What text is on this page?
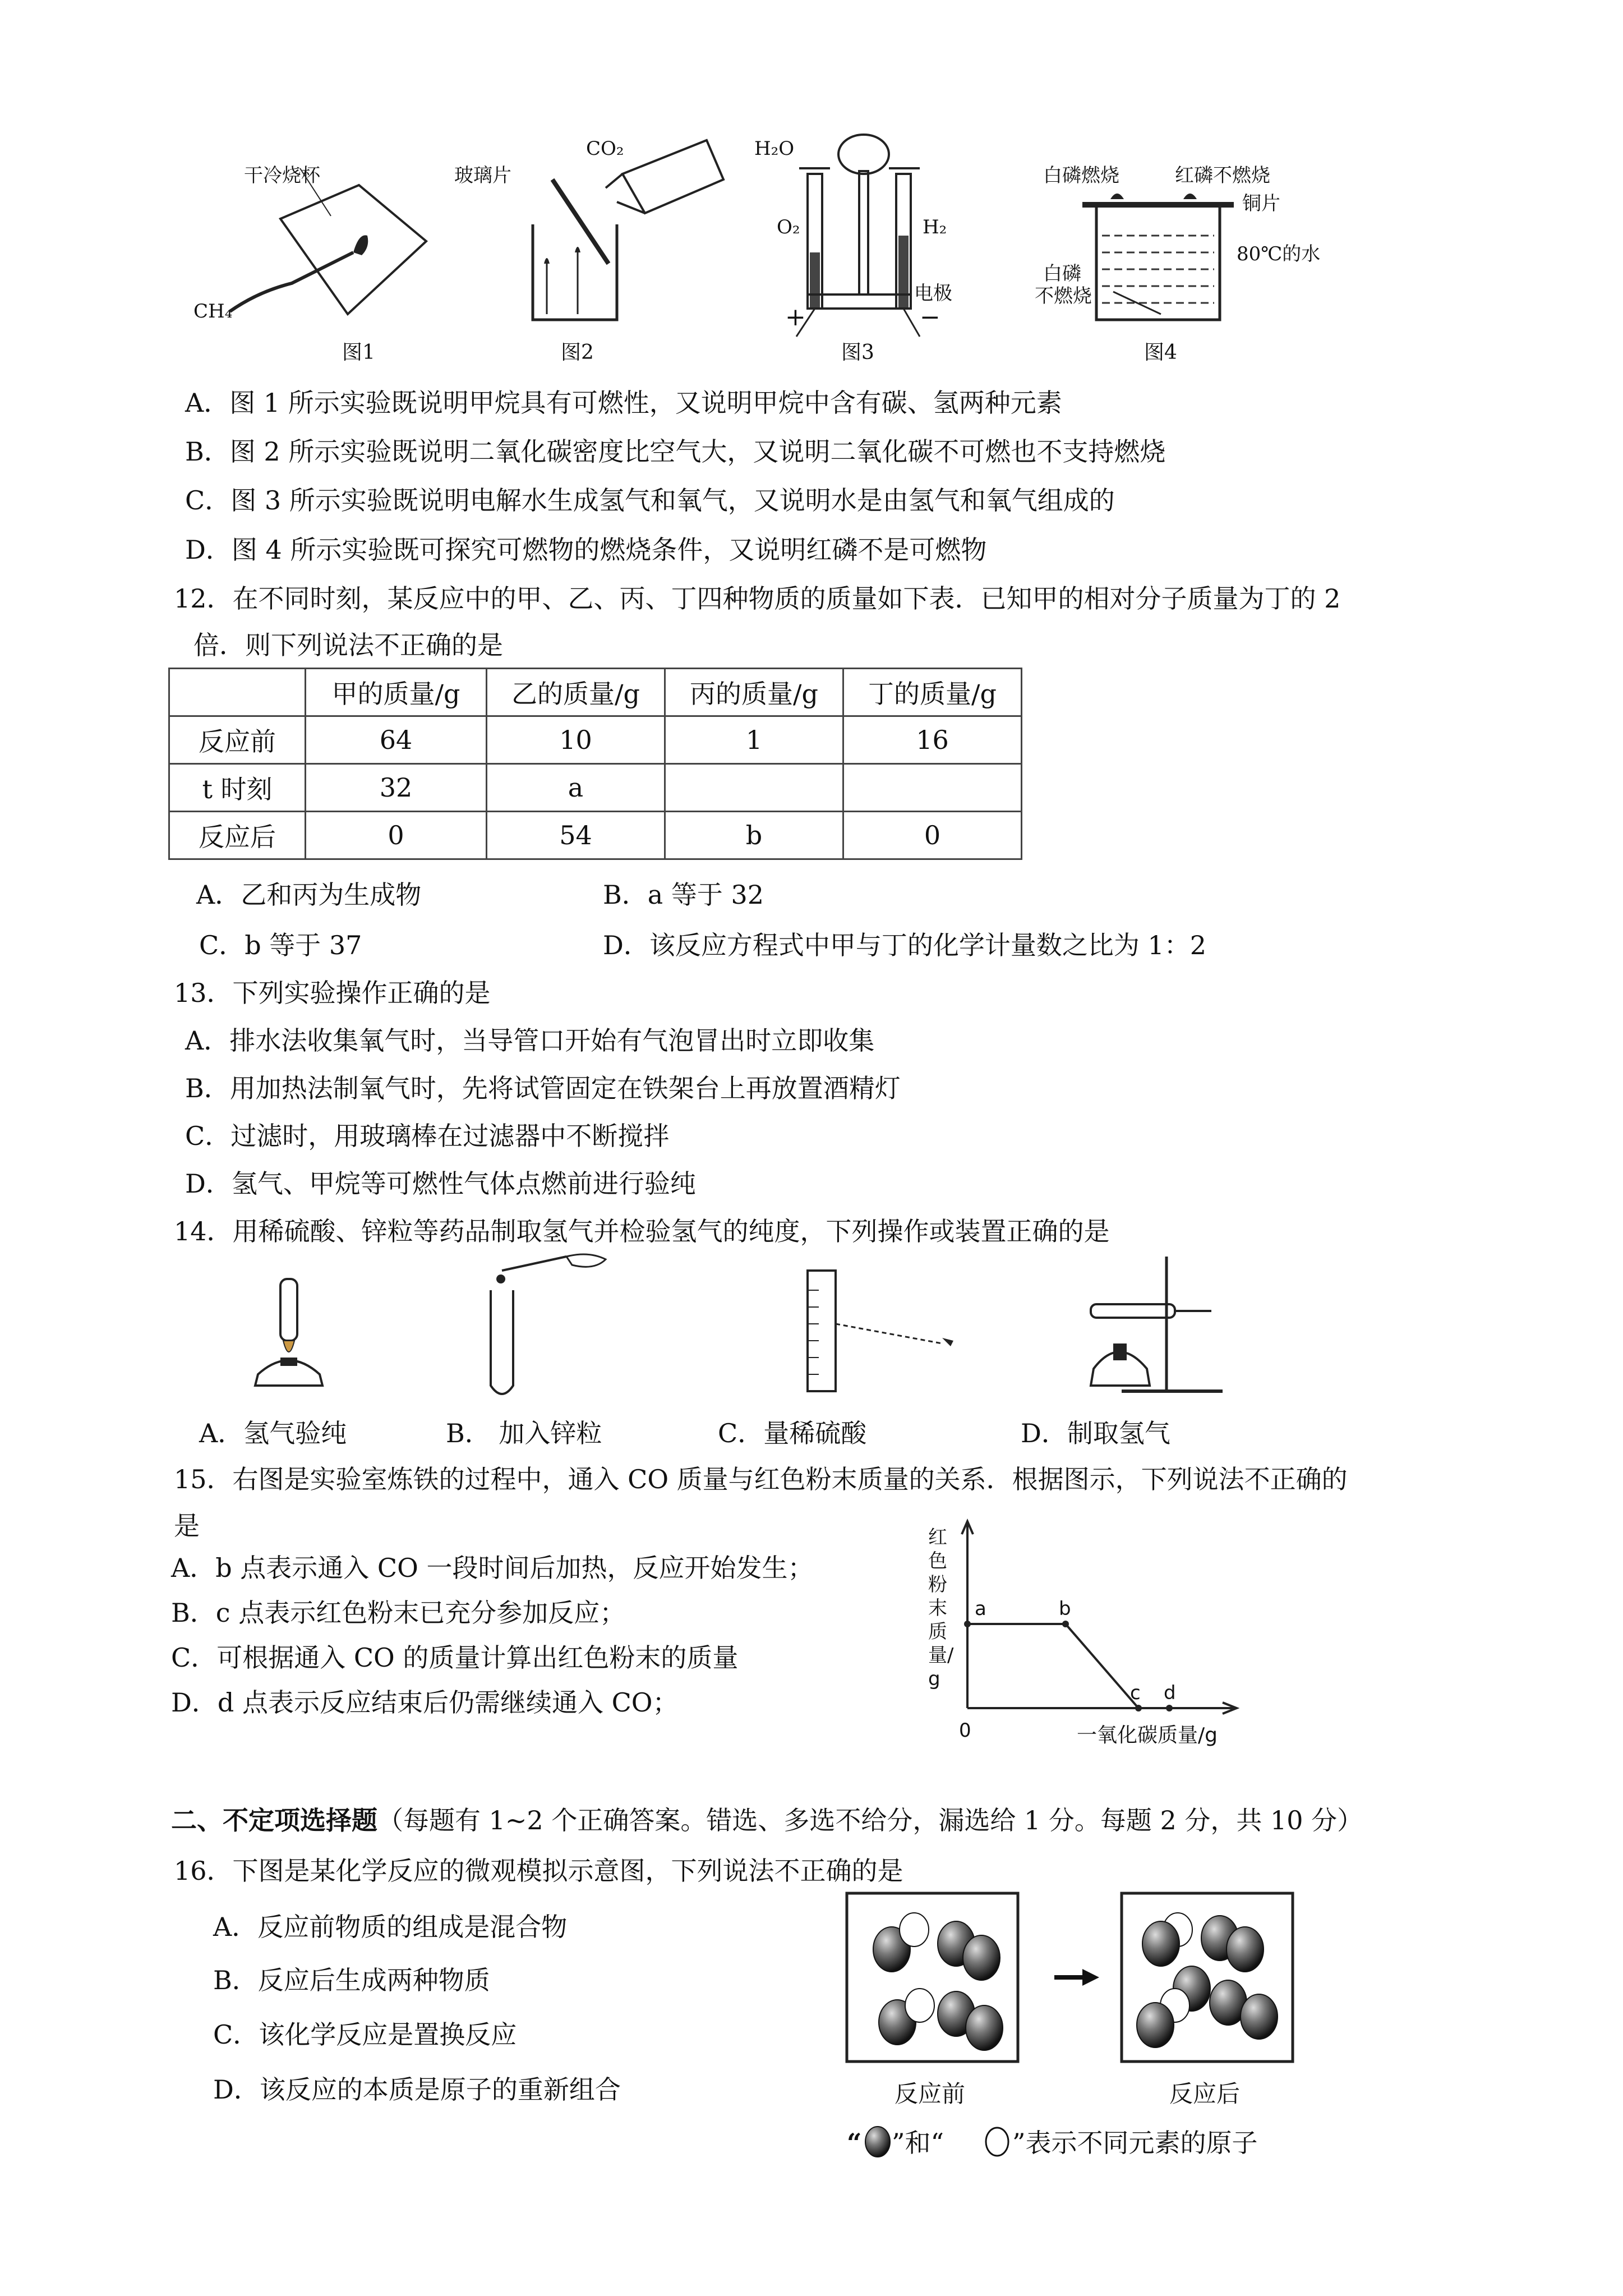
干冷烧杯
CH₄
图1
玻璃片
CO₂
图2
H₂O
O₂	H₂
电极
+	−
图3
白磷燃烧	红磷不燃烧
铜片
80℃的水
白磷
不燃烧
图4
A．图 1 所示实验既说明甲烷具有可燃性，又说明甲烷中含有碳、氢两种元素
B．图 2 所示实验既说明二氧化碳密度比空气大，又说明二氧化碳不可燃也不支持燃烧
C．图 3 所示实验既说明电解水生成氢气和氧气，又说明水是由氢气和氧气组成的
D．图 4 所示实验既可探究可燃物的燃烧条件，又说明红磷不是可燃物
12．在不同时刻，某反应中的甲、乙、丙、丁四种物质的质量如下表．已知甲的相对分子质量为丁的 2
倍．则下列说法不正确的是
	甲的质量/g	乙的质量/g	丙的质量/g	丁的质量/g
反应前	64	10	1	16
t 时刻	32	a		
反应后	0	54	b	0
A．乙和丙为生成物	B．a 等于 32
C．b 等于 37	D．该反应方程式中甲与丁的化学计量数之比为 1：2
13．下列实验操作正确的是
A．排水法收集氧气时，当导管口开始有气泡冒出时立即收集
B．用加热法制氧气时，先将试管固定在铁架台上再放置酒精灯
C．过滤时，用玻璃棒在过滤器中不断搅拌
D．氢气、甲烷等可燃性气体点燃前进行验纯
14．用稀硫酸、锌粒等药品制取氢气并检验氢气的纯度，下列操作或装置正确的是
A．氢气验纯	B． 加入锌粒	C．量稀硫酸	D．制取氢气
15．右图是实验室炼铁的过程中，通入 CO 质量与红色粉末质量的关系．根据图示，下列说法不正确的
是
A．b 点表示通入 CO 一段时间后加热，反应开始发生；
B．c 点表示红色粉末已充分参加反应；
C．可根据通入 CO 的质量计算出红色粉末的质量
D．d 点表示反应结束后仍需继续通入 CO；
红色粉末质量/g
一氧化碳质量/g
0
a	b
c d
二、不定项选择题（每题有 1~2 个正确答案。错选、多选不给分，漏选给 1 分。每题 2 分，共 10 分）
16．下图是某化学反应的微观模拟示意图，下列说法不正确的是
A．反应前物质的组成是混合物
B．反应后生成两种物质
C．该化学反应是置换反应
D．该反应的本质是原子的重新组合	反应前	反应后
“ ”和“	”表示不同元素的原子
